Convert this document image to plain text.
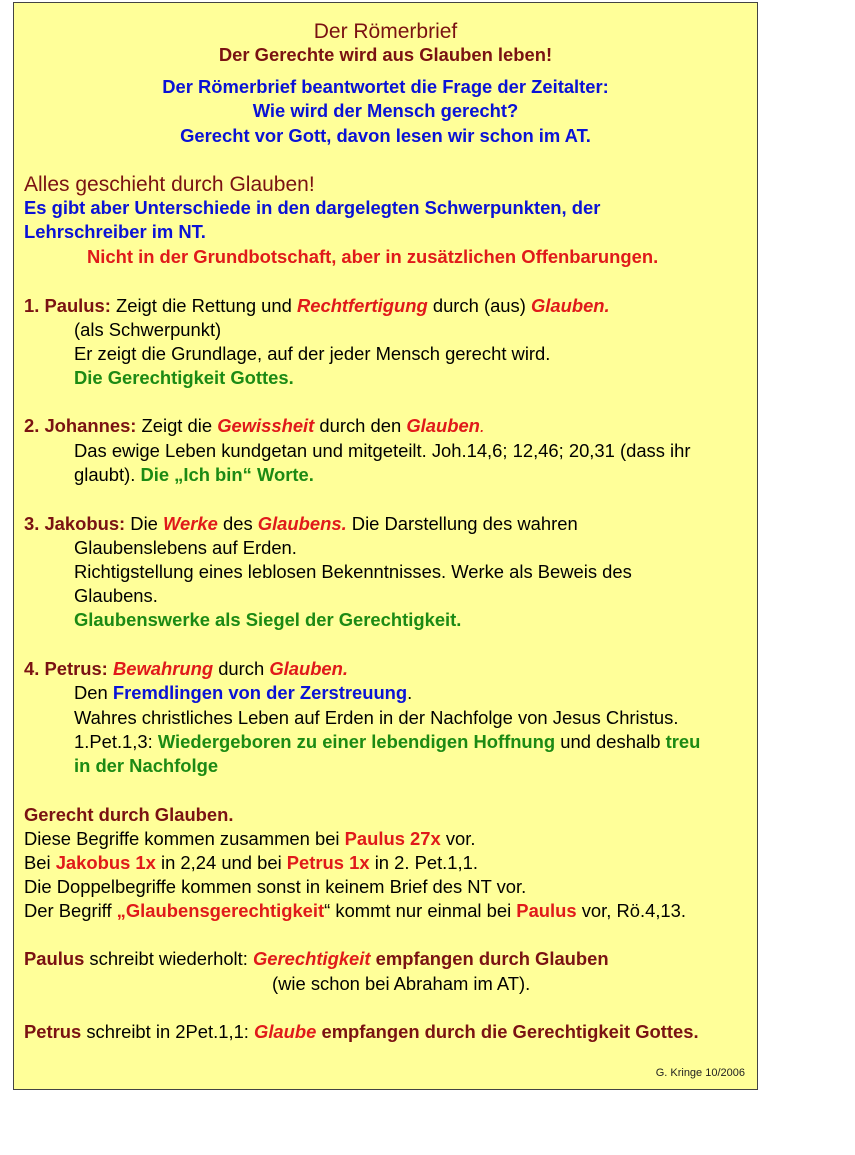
Der Römerbrief
Der Gerechte wird aus Glauben leben!
Der Römerbrief beantwortet die Frage der Zeitalter:
Wie wird der Mensch gerecht?
Gerecht vor Gott, davon lesen wir schon im AT.
Alles geschieht durch Glauben!
Es gibt aber Unterschiede in den dargelegten Schwerpunkten, der
Lehrschreiber im NT.
Nicht in der Grundbotschaft, aber in zusätzlichen Offenbarungen.
1. Paulus: Zeigt die Rettung und Rechtfertigung durch (aus) Glauben.
(als Schwerpunkt)
Er zeigt die Grundlage, auf der jeder Mensch gerecht wird.
Die Gerechtigkeit Gottes.
2. Johannes: Zeigt die Gewissheit durch den Glauben.
Das ewige Leben kundgetan und mitgeteilt. Joh.14,6; 12,46; 20,31 (dass ihr
glaubt). Die „Ich bin“ Worte.
3. Jakobus: Die Werke des Glaubens. Die Darstellung des wahren
Glaubenslebens auf Erden.
Richtigstellung eines leblosen Bekenntnisses. Werke als Beweis des
Glaubens.
Glaubenswerke als Siegel der Gerechtigkeit.
4. Petrus: Bewahrung durch Glauben.
Den Fremdlingen von der Zerstreuung.
Wahres christliches Leben auf Erden in der Nachfolge von Jesus Christus.
1.Pet.1,3: Wiedergeboren zu einer lebendigen Hoffnung und deshalb treu
in der Nachfolge
Gerecht durch Glauben.
Diese Begriffe kommen zusammen bei Paulus 27x vor.
Bei Jakobus 1x in 2,24 und bei Petrus 1x in 2. Pet.1,1.
Die Doppelbegriffe kommen sonst in keinem Brief des NT vor.
Der Begriff „Glaubensgerechtigkeit“ kommt nur einmal bei Paulus vor, Rö.4,13.
Paulus schreibt wiederholt: Gerechtigkeit empfangen durch Glauben
(wie schon bei Abraham im AT).
Petrus schreibt in 2Pet.1,1: Glaube empfangen durch die Gerechtigkeit Gottes.
G. Kringe 10/2006
